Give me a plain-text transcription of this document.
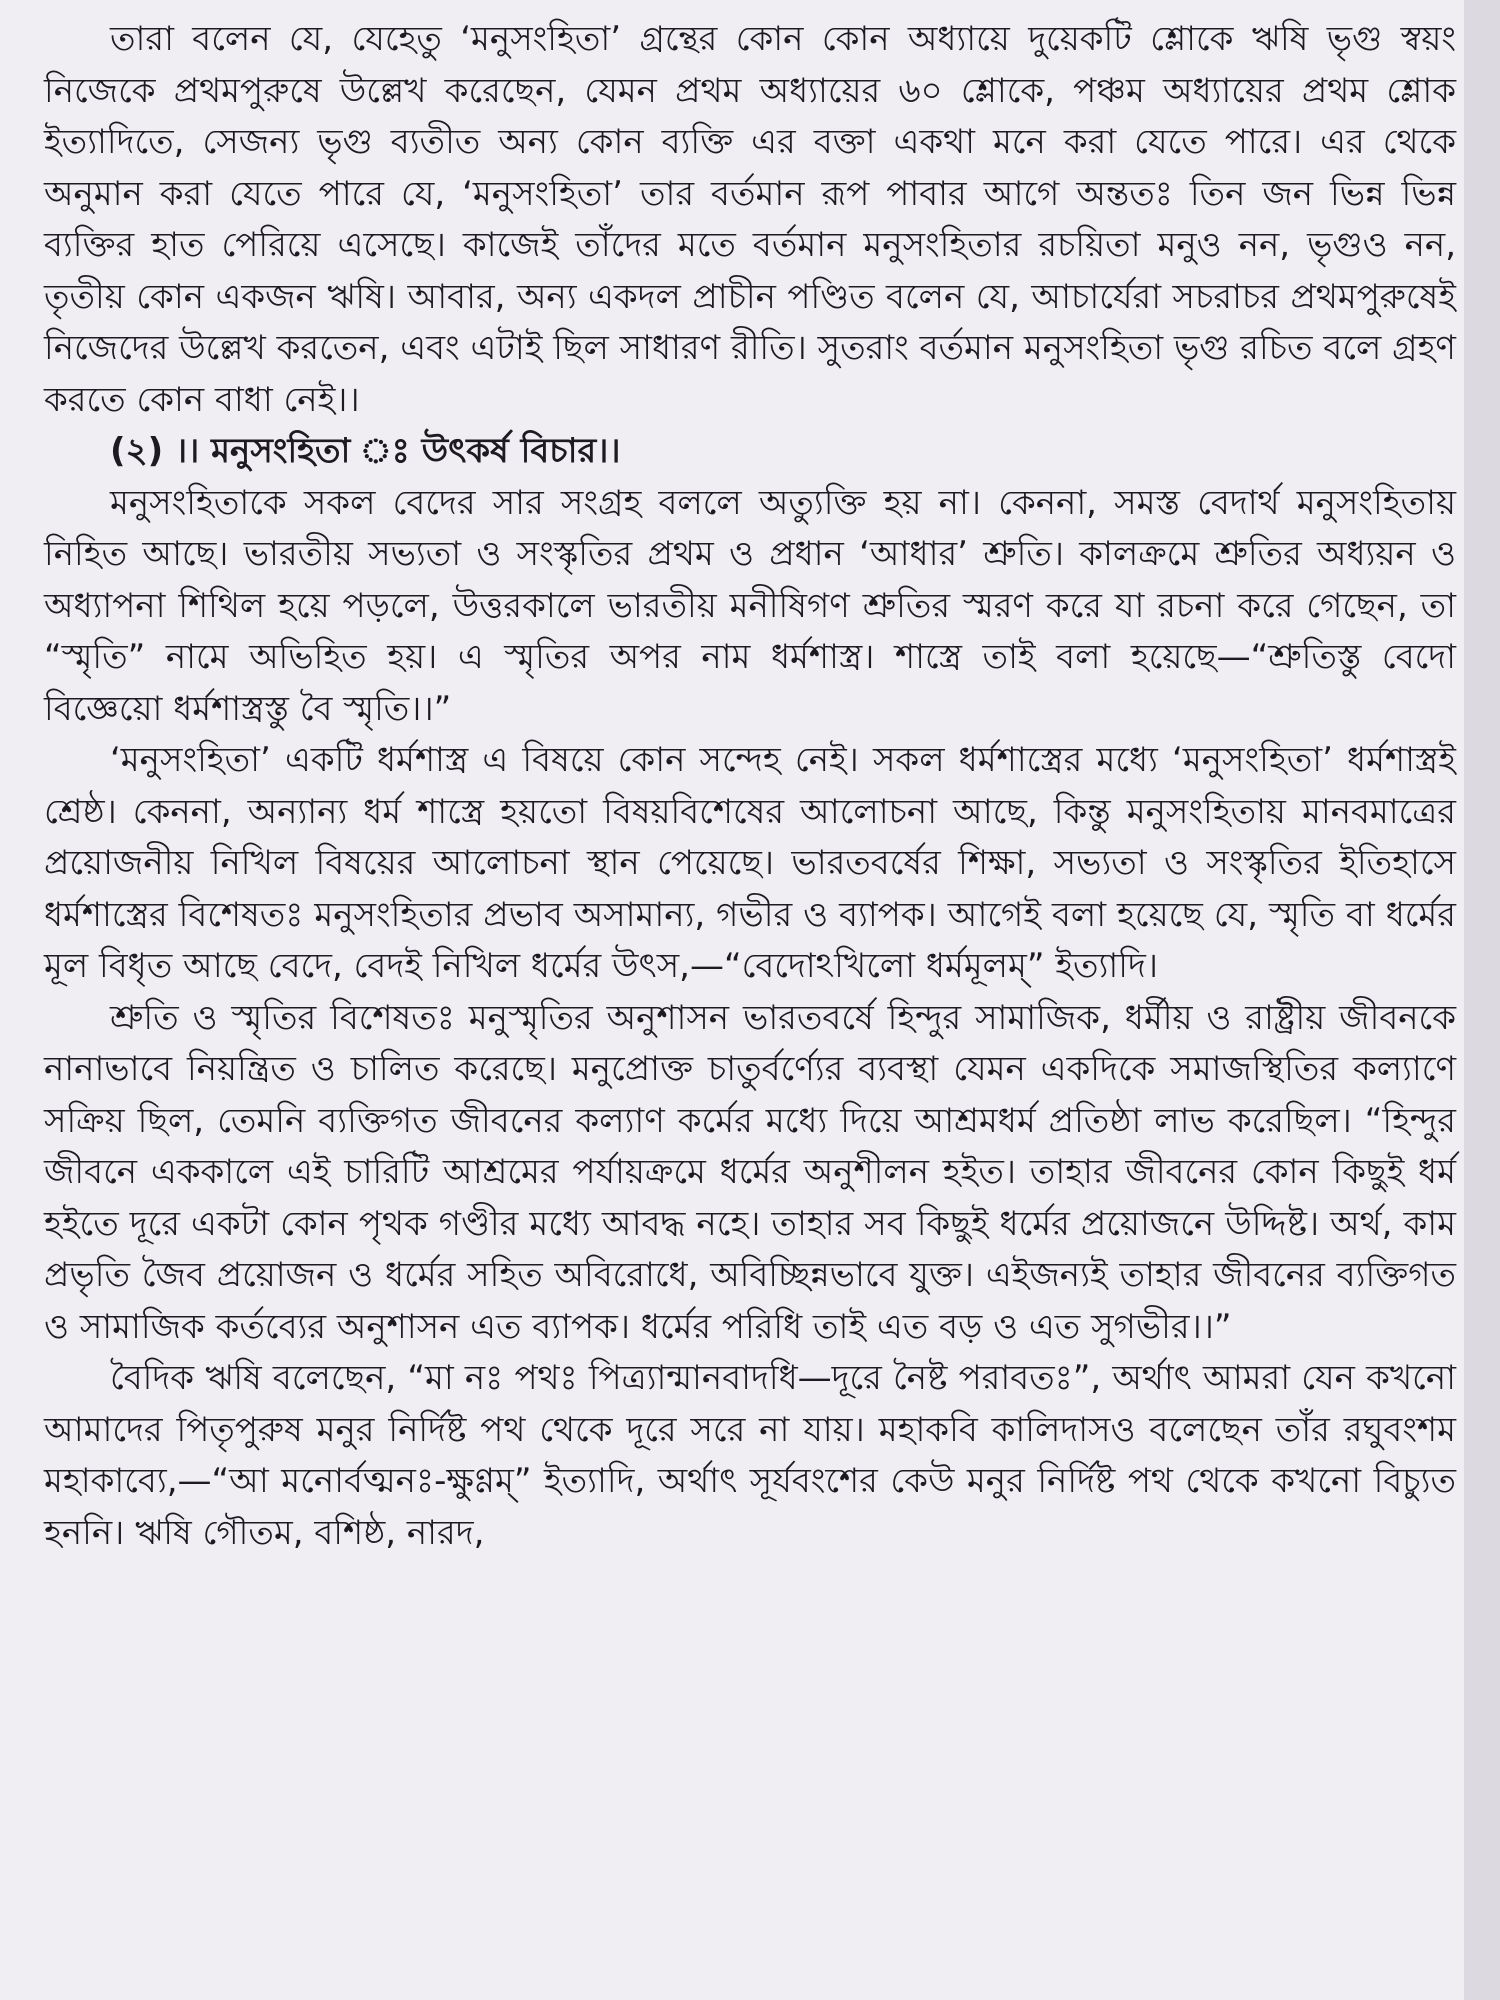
তারা বলেন যে, যেহেতু ‘মনুসংহিতা’ গ্রন্থের কোন কোন অধ্যায়ে দুয়েকটি শ্লোকে ঋষি ভৃগু স্বয়ং নিজেকে প্রথমপুরুষে উল্লেখ করেছেন, যেমন প্রথম অধ্যায়ের ৬০ শ্লোকে, পঞ্চম অধ্যায়ের প্রথম শ্লোক ইত্যাদিতে, সেজন্য ভৃগু ব্যতীত অন্য কোন ব্যক্তি এর বক্তা একথা মনে করা যেতে পারে। এর থেকে অনুমান করা যেতে পারে যে, ‘মনুসংহিতা’ তার বর্তমান রূপ পাবার আগে অন্ততঃ তিন জন ভিন্ন ভিন্ন ব্যক্তির হাত পেরিয়ে এসেছে। কাজেই তাঁদের মতে বর্তমান মনুসংহিতার রচয়িতা মনুও নন, ভৃগুও নন, তৃতীয় কোন একজন ঋষি। আবার, অন্য একদল প্রাচীন পণ্ডিত বলেন যে, আচার্যেরা সচরাচর প্রথমপুরুষেই নিজেদের উল্লেখ করতেন, এবং এটাই ছিল সাধারণ রীতি। সুতরাং বর্তমান মনুসংহিতা ভৃগু রচিত বলে গ্রহণ করতে কোন বাধা নেই।।

(২) ।। মনুসংহিতা ঃ উৎকর্ষ বিচার।।

মনুসংহিতাকে সকল বেদের সার সংগ্রহ বললে অত্যুক্তি হয় না। কেননা, সমস্ত বেদার্থ মনুসংহিতায় নিহিত আছে। ভারতীয় সভ্যতা ও সংস্কৃতির প্রথম ও প্রধান ‘আধার’ শ্রুতি। কালক্রমে শ্রুতির অধ্যয়ন ও অধ্যাপনা শিথিল হয়ে পড়লে, উত্তরকালে ভারতীয় মনীষিগণ শ্রুতির স্মরণ করে যা রচনা করে গেছেন, তা “স্মৃতি” নামে অভিহিত হয়। এ স্মৃতির অপর নাম ধর্মশাস্ত্র। শাস্ত্রে তাই বলা হয়েছে—“শ্রুতিস্তু বেদো বিজ্ঞেয়ো ধর্মশাস্ত্রস্তু বৈ স্মৃতি।।”

‘মনুসংহিতা’ একটি ধর্মশাস্ত্র এ বিষয়ে কোন সন্দেহ নেই। সকল ধর্মশাস্ত্রের মধ্যে ‘মনুসংহিতা’ ধর্মশাস্ত্রই শ্রেষ্ঠ। কেননা, অন্যান্য ধর্ম শাস্ত্রে হয়তো বিষয়বিশেষের আলোচনা আছে, কিন্তু মনুসংহিতায় মানবমাত্রের প্রয়োজনীয় নিখিল বিষয়ের আলোচনা স্থান পেয়েছে। ভারতবর্ষের শিক্ষা, সভ্যতা ও সংস্কৃতির ইতিহাসে ধর্মশাস্ত্রের বিশেষতঃ মনুসংহিতার প্রভাব অসামান্য, গভীর ও ব্যাপক। আগেই বলা হয়েছে যে, স্মৃতি বা ধর্মের মূল বিধৃত আছে বেদে, বেদই নিখিল ধর্মের উৎস,—“বেদোঽখিলো ধর্মমূলম্” ইত্যাদি।

শ্রুতি ও স্মৃতির বিশেষতঃ মনুস্মৃতির অনুশাসন ভারতবর্ষে হিন্দুর সামাজিক, ধর্মীয় ও রাষ্ট্রীয় জীবনকে নানাভাবে নিয়ন্ত্রিত ও চালিত করেছে। মনুপ্রোক্ত চাতুর্বর্ণ্যের ব্যবস্থা যেমন একদিকে সমাজস্থিতির কল্যাণে সক্রিয় ছিল, তেমনি ব্যক্তিগত জীবনের কল্যাণ কর্মের মধ্যে দিয়ে আশ্রমধর্ম প্রতিষ্ঠা লাভ করেছিল। “হিন্দুর জীবনে এককালে এই চারিটি আশ্রমের পর্যায়ক্রমে ধর্মের অনুশীলন হইত। তাহার জীবনের কোন কিছুই ধর্ম হইতে দূরে একটা কোন পৃথক গণ্ডীর মধ্যে আবদ্ধ নহে। তাহার সব কিছুই ধর্মের প্রয়োজনে উদ্দিষ্ট। অর্থ, কাম প্রভৃতি জৈব প্রয়োজন ও ধর্মের সহিত অবিরোধে, অবিচ্ছিন্নভাবে যুক্ত। এইজন্যই তাহার জীবনের ব্যক্তিগত ও সামাজিক কর্তব্যের অনুশাসন এত ব্যাপক। ধর্মের পরিধি তাই এত বড় ও এত সুগভীর।।”

বৈদিক ঋষি বলেছেন, “মা নঃ পথঃ পিত্র্যান্মানবাদধি—দূরে নৈষ্ট পরাবতঃ”, অর্থাৎ আমরা যেন কখনো আমাদের পিতৃপুরুষ মনুর নির্দিষ্ট পথ থেকে দূরে সরে না যায়। মহাকবি কালিদাসও বলেছেন তাঁর রঘুবংশম মহাকাব্যে,—“আ মনোর্বত্মনঃ-ক্ষুণ্ণম্” ইত্যাদি, অর্থাৎ সূর্যবংশের কেউ মনুর নির্দিষ্ট পথ থেকে কখনো বিচ্যুত হননি। ঋষি গৌতম, বশিষ্ঠ, নারদ,
